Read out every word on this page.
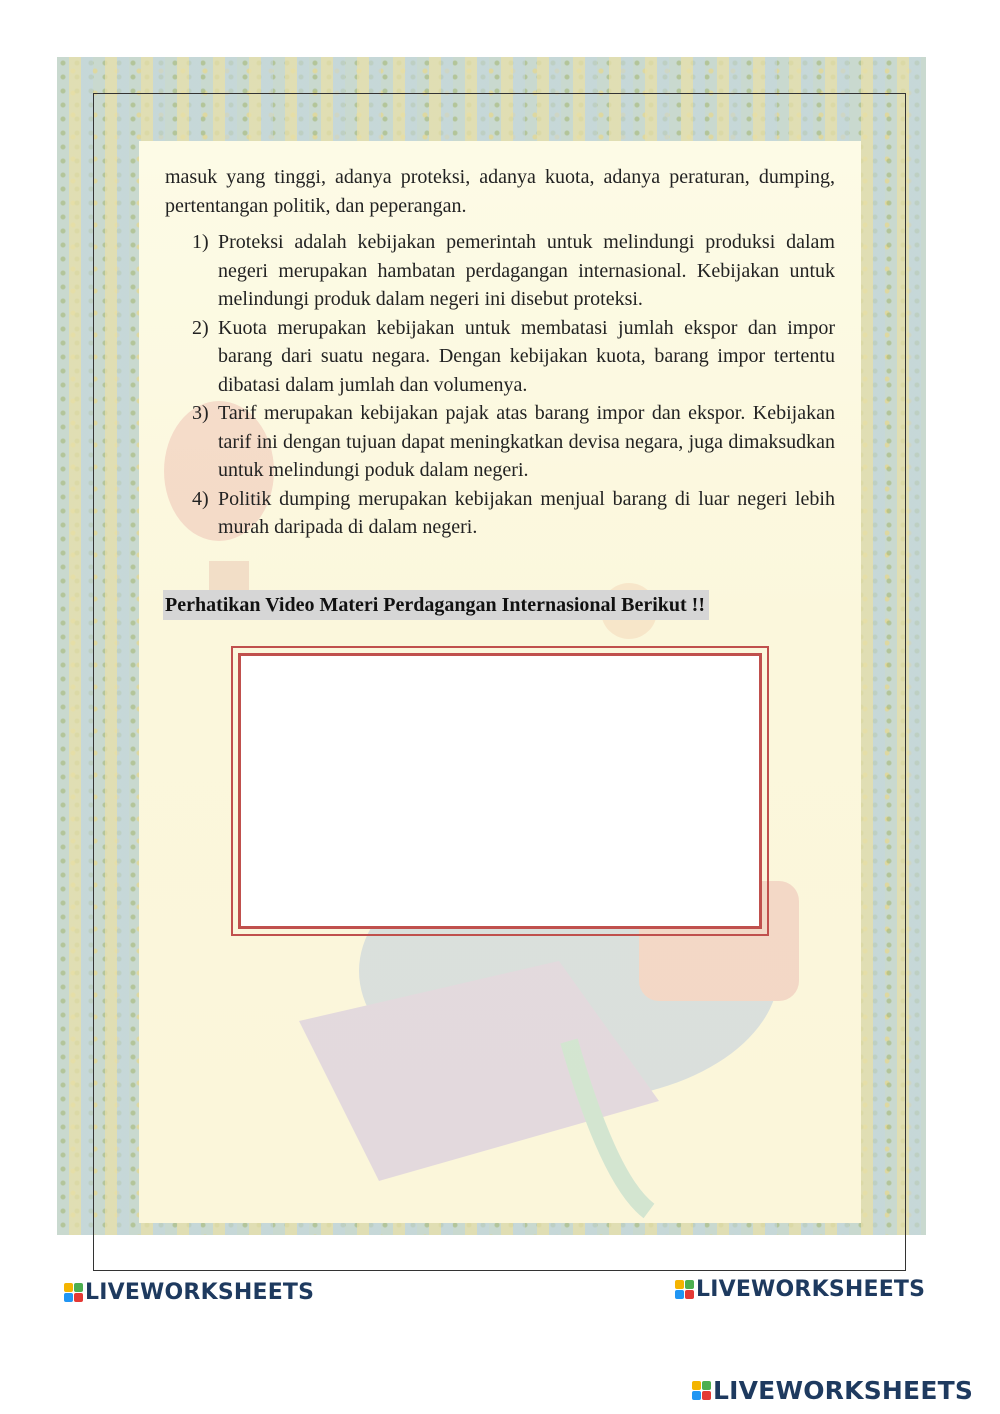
masuk yang tinggi, adanya proteksi, adanya kuota, adanya peraturan, dumping, pertentangan politik, dan peperangan.

1) Proteksi adalah kebijakan pemerintah untuk melindungi produksi dalam negeri merupakan hambatan perdagangan internasional. Kebijakan untuk melindungi produk dalam negeri ini disebut proteksi.
2) Kuota merupakan kebijakan untuk membatasi jumlah ekspor dan impor barang dari suatu negara. Dengan kebijakan kuota, barang impor tertentu dibatasi dalam jumlah dan volumenya.
3) Tarif merupakan kebijakan pajak atas barang impor dan ekspor. Kebijakan tarif ini dengan tujuan dapat meningkatkan devisa negara, juga dimaksudkan untuk melindungi poduk dalam negeri.
4) Politik dumping merupakan kebijakan menjual barang di luar negeri lebih murah daripada di dalam negeri.
Perhatikan Video Materi Perdagangan Internasional Berikut !!
LIVEWORKSHEETS	LIVEWORKSHEETS
LIVEWORKSHEETS
